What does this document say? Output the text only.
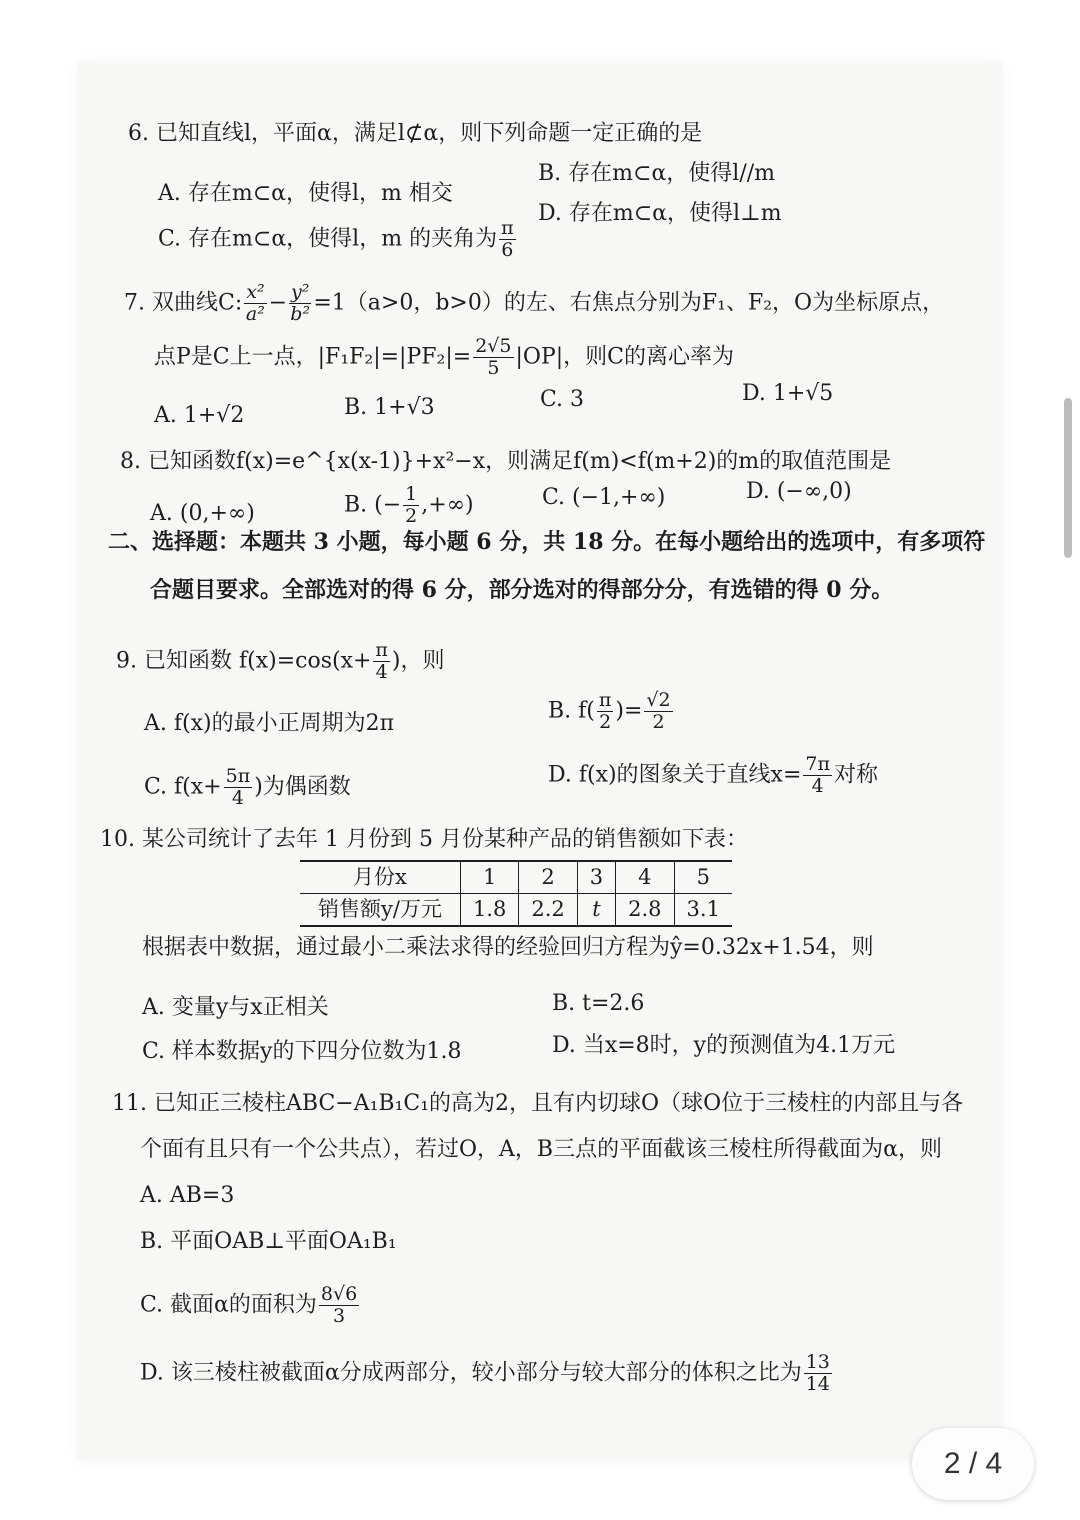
6. 已知直线l，平面α，满足l⊄α，则下列命题一定正确的是
A. 存在m⊂α，使得l，m 相交
B. 存在m⊂α，使得l//m
C. 存在m⊂α，使得l，m 的夹角为 $\frac{\pi}{6}$
D. 存在m⊂α，使得l⊥m
7. 双曲线C: $\frac{\text{x²}}{\text{a²}} - \frac{\text{y²}}{\text{b²}} =1(a>0$，b>0）的左、右焦点分别为F₁、F₂，O为坐标原点，
点P是C上一点，$|F_1F_2|=|PF_2|= \frac{2√5}{5} |OP|$，则C的离心率为
A. 1+√2	B. 1+√3	C. 3	D. 1+√5
8. 已知函数f(x)=e^{x(x-1)}+x²−x，则满足f(m)<f(m+2)的m的取值范围是
A. (0,+∞)	B. (− $\frac{1}{2}$ ,+∞)	C. (−1,+∞)	D. (−∞,0)
二、选择题：本题共 3 小题，每小题 6 分，共 18 分。在每小题给出的选项中，有多项符
合题目要求。全部选对的得 6 分，部分选对的得部分分，有选错的得 0 分。
9. 已知函数 $f(x)=\cos(x+ \frac{\pi}{4}$ )，则
A. f(x)的最小正周期为2π	B. $f( \frac{\pi}{2}$ )= $\frac{√2}{2}$
C. $f(x+ \frac{5\pi}{4}$ )为偶函数	D. f(x)的图象关于直线$x= \frac{7\pi}{4}$ 对称
10. 某公司统计了去年 1 月份到 5 月份某种产品的销售额如下表：
月份x	1	2	3	4	5
销售额y/万元	1.8	2.2	t	2.8	3.1
根据表中数据，通过最小二乘法求得的经验回归方程为ŷ=0.32x+1.54，则
A. 变量y与x正相关	B. t=2.6
C. 样本数据y的下四分位数为1.8	D. 当x=8时，y的预测值为4.1万元
11. 已知正三棱柱ABC−A₁B₁C₁的高为2，且有内切球O（球O位于三棱柱的内部且与各
个面有且只有一个公共点），若过O，A，B三点的平面截该三棱柱所得截面为α，则
A. AB=3
B. 平面OAB⊥平面OA₁B₁
C. 截面α的面积为 $\frac{8√6}{3}$
D. 该三棱柱被截面α分成两部分，较小部分与较大部分的体积之比为 $\frac{13}{14}$
2 / 4
